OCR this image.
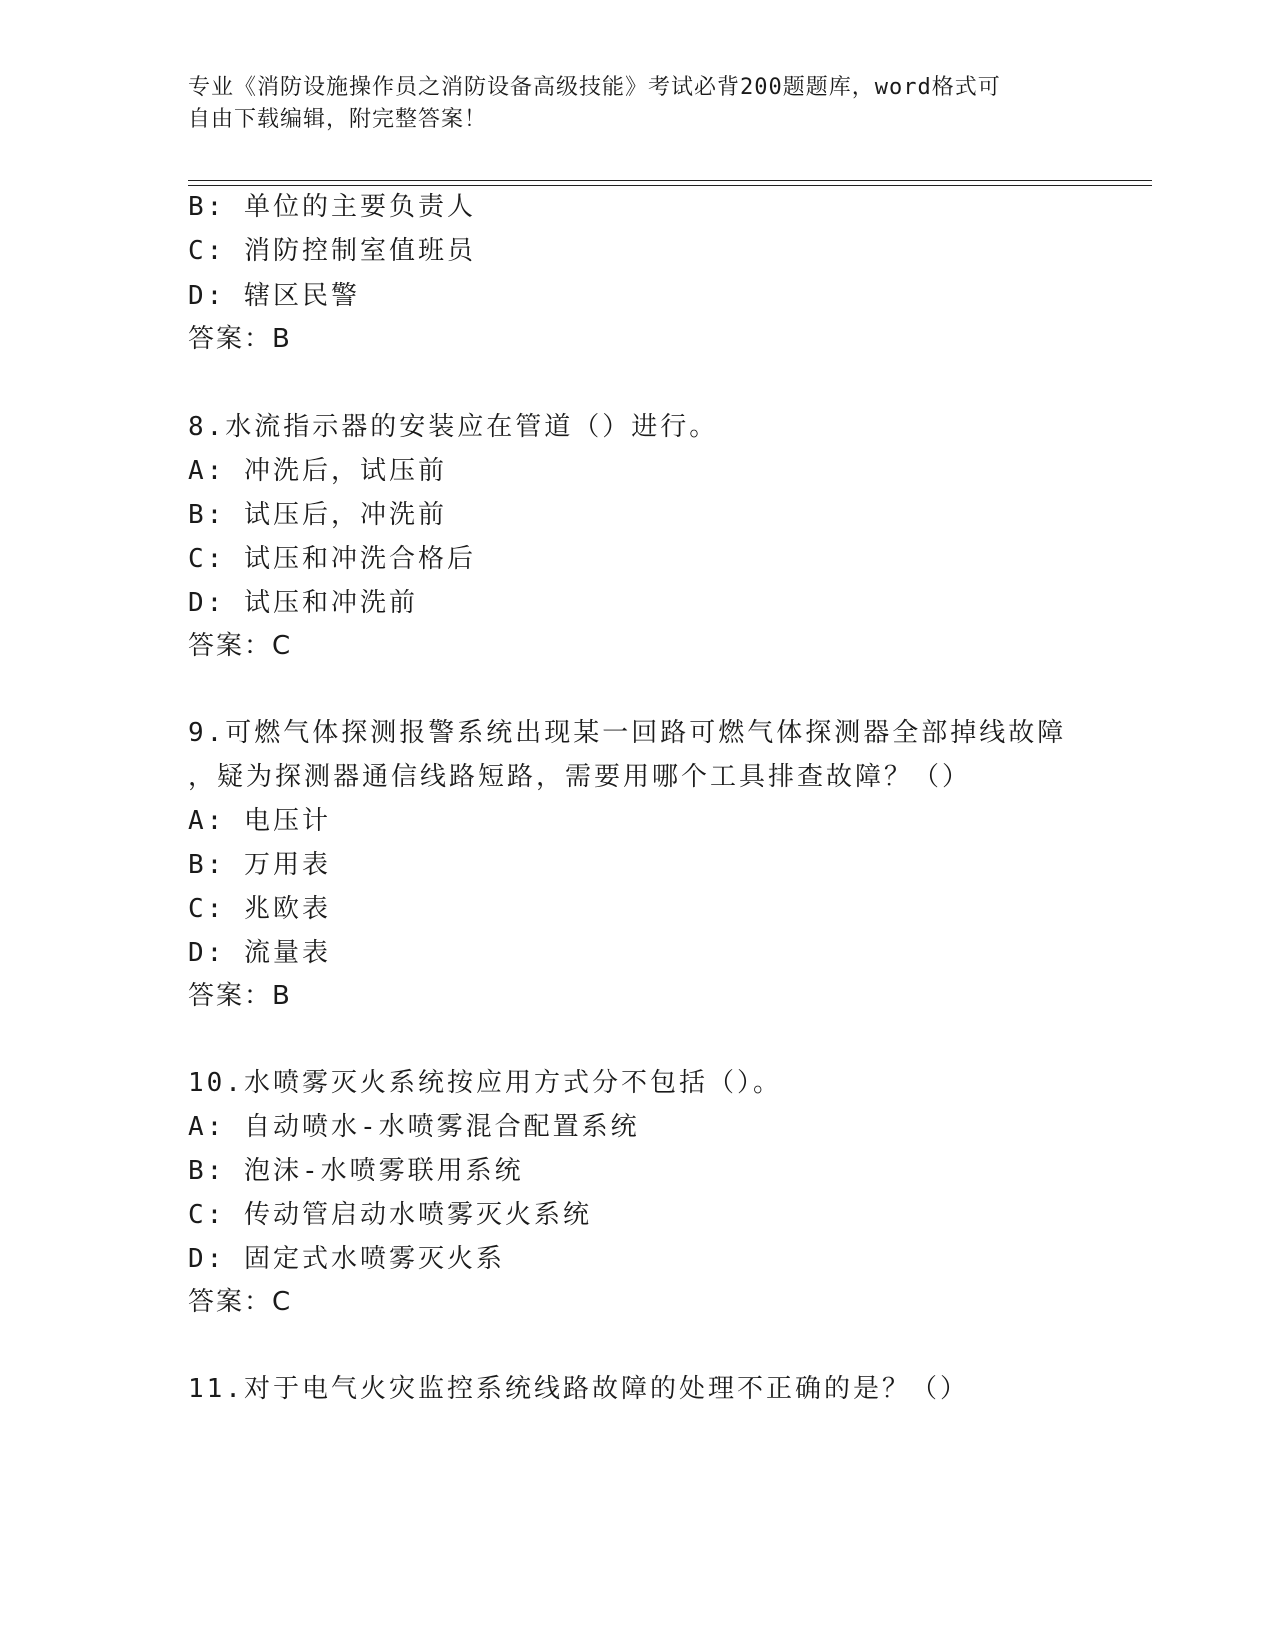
专业《消防设施操作员之消防设备高级技能》考试必背200题题库，word格式可
自由下载编辑，附完整答案！
B: 单位的主要负责人
C: 消防控制室值班员
D: 辖区民警
答案：B
8.水流指示器的安装应在管道（）进行。
A: 冲洗后，试压前
B: 试压后，冲洗前
C: 试压和冲洗合格后
D: 试压和冲洗前
答案：C
9.可燃气体探测报警系统出现某一回路可燃气体探测器全部掉线故障
，疑为探测器通信线路短路，需要用哪个工具排查故障？（）
A: 电压计
B: 万用表
C: 兆欧表
D: 流量表
答案：B
10.水喷雾灭火系统按应用方式分不包括（）。
A: 自动喷水-水喷雾混合配置系统
B: 泡沫-水喷雾联用系统
C: 传动管启动水喷雾灭火系统
D: 固定式水喷雾灭火系
答案：C
11.对于电气火灾监控系统线路故障的处理不正确的是？（）
